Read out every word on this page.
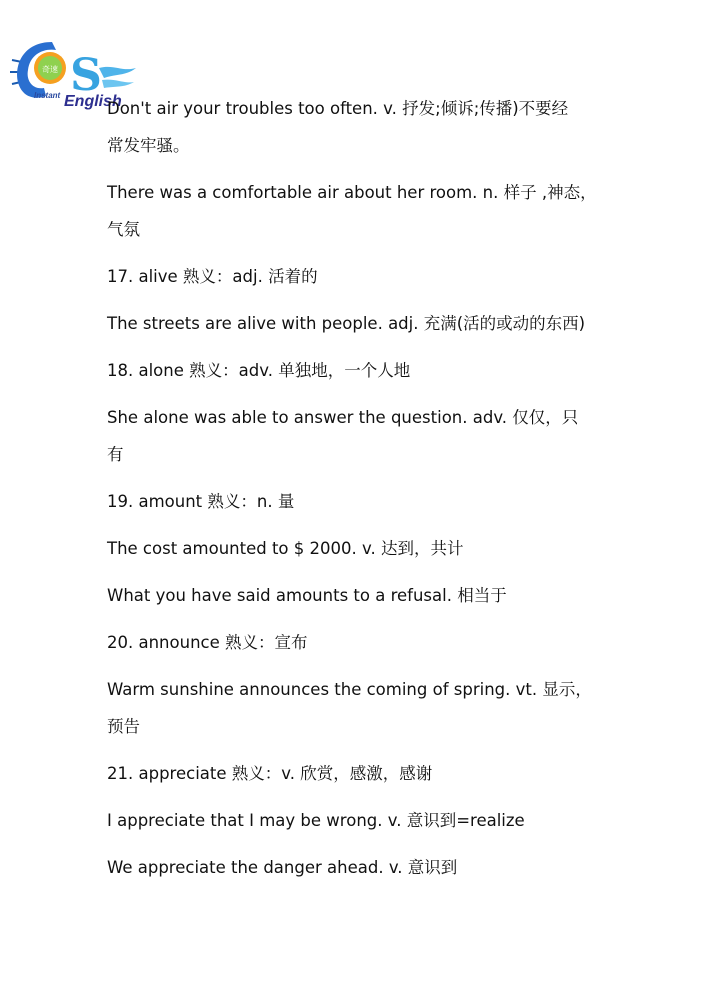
奇速 S
Instant English
Don't air your troubles too often. v. 抒发;倾诉;传播)不要经
常发牢骚。
There was a comfortable air about her room. n. 样子 ,神态，
气氛
17. alive 熟义：adj. 活着的
The streets are alive with people. adj. 充满(活的或动的东西)
18. alone 熟义：adv. 单独地，一个人地
She alone was able to answer the question. adv. 仅仅，只
有
19. amount 熟义：n. 量
The cost amounted to $ 2000. v. 达到，共计
What you have said amounts to a refusal. 相当于
20. announce 熟义：宣布
Warm sunshine announces the coming of spring. vt. 显示，
预告
21. appreciate 熟义：v. 欣赏，感激，感谢
I appreciate that I may be wrong. v. 意识到=realize
We appreciate the danger ahead. v. 意识到
